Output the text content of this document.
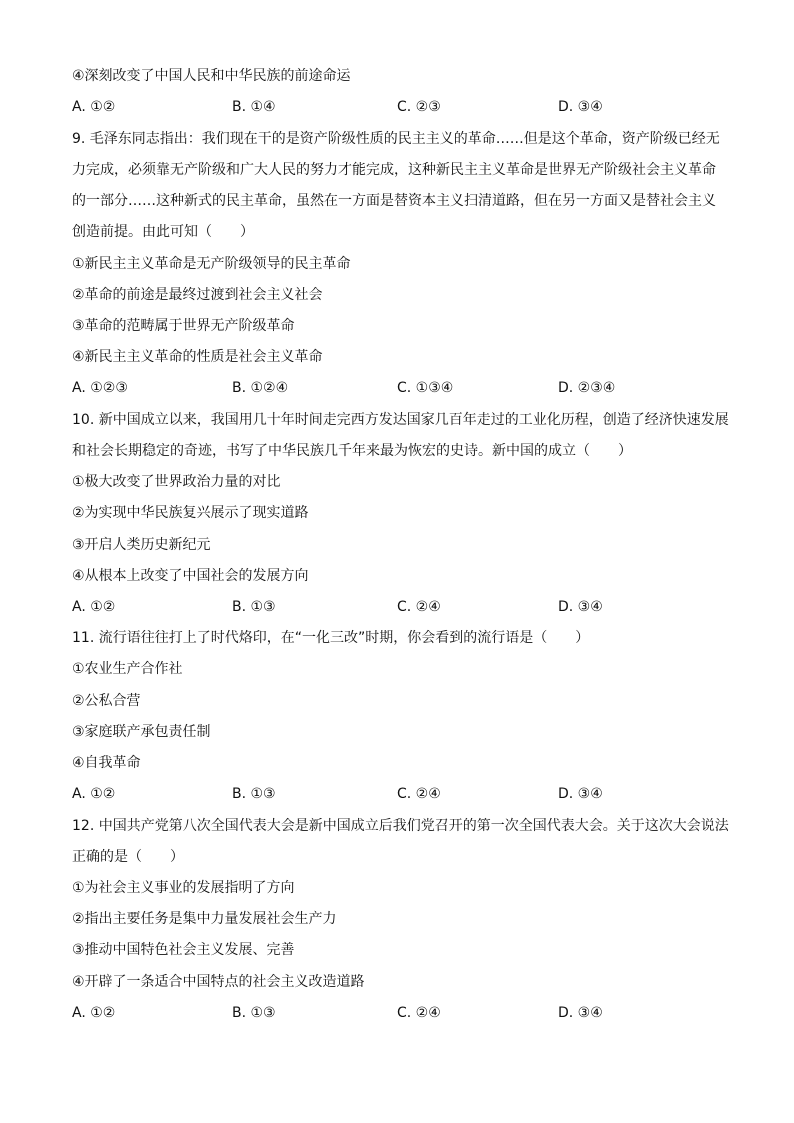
④深刻改变了中国人民和中华民族的前途命运
A. ①②	B. ①④	C. ②③	D. ③④
9. 毛泽东同志指出：我们现在干的是资产阶级性质的民主主义的革命……但是这个革命，资产阶级已经无
力完成，必须靠无产阶级和广大人民的努力才能完成，这种新民主主义革命是世界无产阶级社会主义革命
的一部分……这种新式的民主革命，虽然在一方面是替资本主义扫清道路，但在另一方面又是替社会主义
创造前提。由此可知（　　）
①新民主主义革命是无产阶级领导的民主革命
②革命的前途是最终过渡到社会主义社会
③革命的范畴属于世界无产阶级革命
④新民主主义革命的性质是社会主义革命
A. ①②③	B. ①②④	C. ①③④	D. ②③④
10. 新中国成立以来，我国用几十年时间走完西方发达国家几百年走过的工业化历程，创造了经济快速发展
和社会长期稳定的奇迹，书写了中华民族几千年来最为恢宏的史诗。新中国的成立（　　）
①极大改变了世界政治力量的对比
②为实现中华民族复兴展示了现实道路
③开启人类历史新纪元
④从根本上改变了中国社会的发展方向
A. ①②	B. ①③	C. ②④	D. ③④
11. 流行语往往打上了时代烙印，在“一化三改”时期，你会看到的流行语是（　　）
①农业生产合作社
②公私合营
③家庭联产承包责任制
④自我革命
A. ①②	B. ①③	C. ②④	D. ③④
12. 中国共产党第八次全国代表大会是新中国成立后我们党召开的第一次全国代表大会。关于这次大会说法
正确的是（　　）
①为社会主义事业的发展指明了方向
②指出主要任务是集中力量发展社会生产力
③推动中国特色社会主义发展、完善
④开辟了一条适合中国特点的社会主义改造道路
A. ①②	B. ①③	C. ②④	D. ③④
